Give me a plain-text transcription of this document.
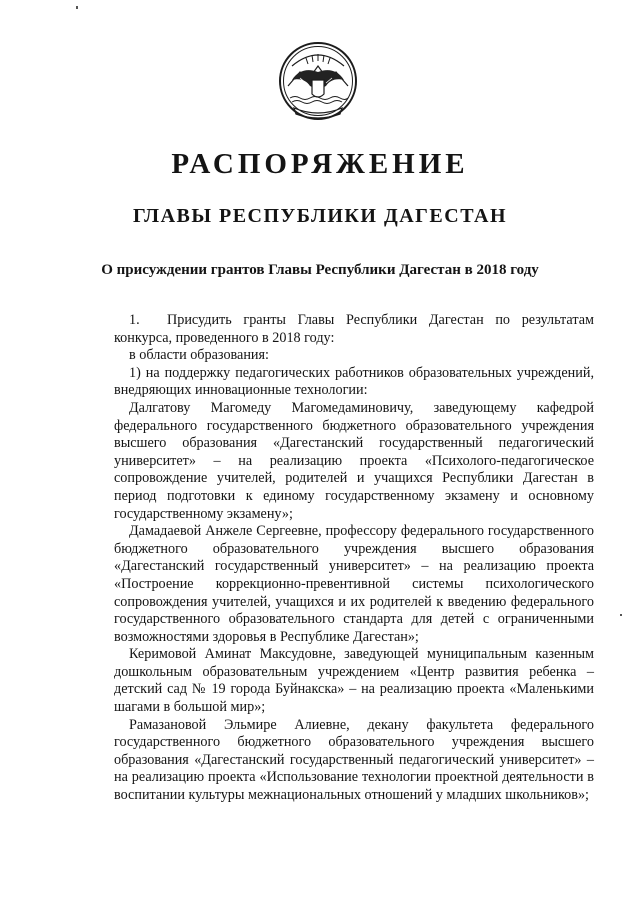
РАСПОРЯЖЕНИЕ
ГЛАВЫ РЕСПУБЛИКИ ДАГЕСТАН
О присуждении грантов Главы Республики Дагестан в 2018 году

1. Присудить гранты Главы Республики Дагестан по результатам конкурса, проведенного в 2018 году:

в области образования:

1) на поддержку педагогических работников образовательных учреждений, внедряющих инновационные технологии:

Далгатову Магомеду Магомедаминовичу, заведующему кафедрой федерального государственного бюджетного образовательного учреждения высшего образования «Дагестанский государственный педагогический университет» – на реализацию проекта «Психолого-педагогическое сопровождение учителей, родителей и учащихся Республики Дагестан в период подготовки к единому государственному экзамену и основному государственному экзамену»;

Дамадаевой Анжеле Сергеевне, профессору федерального государственного бюджетного образовательного учреждения высшего образования «Дагестанский государственный университет» – на реализацию проекта «Построение коррекционно-превентивной системы психологического сопровождения учителей, учащихся и их родителей к введению федерального государственного образовательного стандарта для детей с ограниченными возможностями здоровья в Республике Дагестан»;

Керимовой Аминат Максудовне, заведующей муниципальным казенным дошкольным образовательным учреждением «Центр развития ребенка – детский сад № 19 города Буйнакска» – на реализацию проекта «Маленькими шагами в большой мир»;

Рамазановой Эльмире Алиевне, декану факультета федерального государственного бюджетного образовательного учреждения высшего образования «Дагестанский государственный педагогический университет» – на реализацию проекта «Использование технологии проектной деятельности в воспитании культуры межнациональных отношений у младших школьников»;
